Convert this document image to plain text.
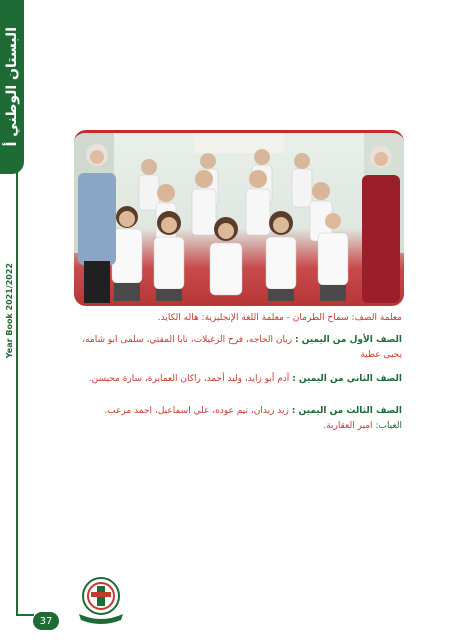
البستان الوطني أ
Year Book 2021/2022
37
معلمة الصف: سماح الطرمان - معلمة اللغة الإنجليزية: هاله الكايد.
الصف الأول من اليمين : ريان الحاجه، فرح الزغيلات، نايا المفتي، سلمى ابو شامه، يحيى عطية
الصف الثاني من اليمين : آدم أبو زايد، وليد أحمد، راكان العمايرة، سارة محيسن.
الصف الثالث من اليمين : زيد زيدان، تيم عوده، علي اسماعيل، احمد مرعب.
الغياب: امير العقاربة.
